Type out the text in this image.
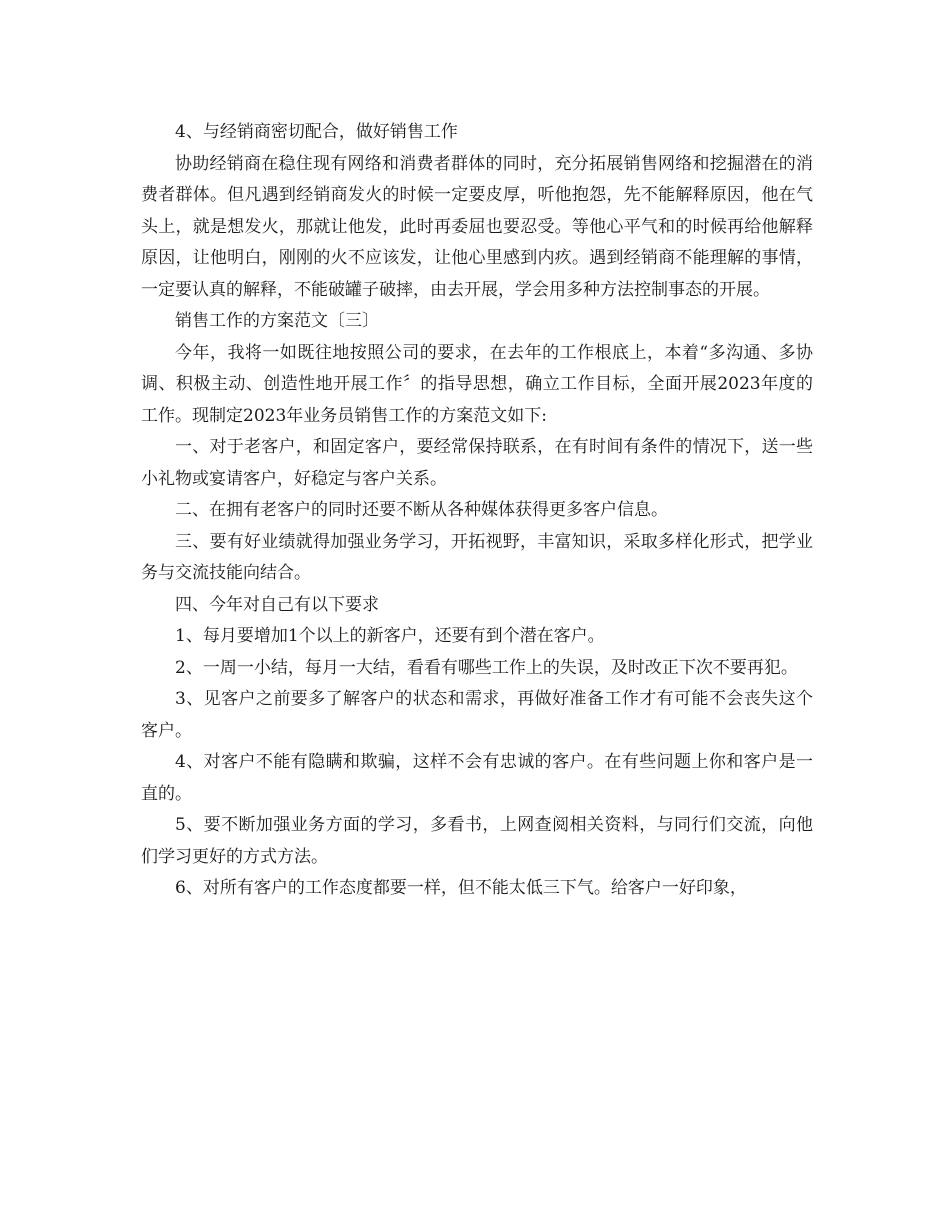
4、与经销商密切配合，做好销售工作

协助经销商在稳住现有网络和消费者群体的同时，充分拓展销售网络和挖掘潜在的消费者群体。但凡遇到经销商发火的时候一定要皮厚，听他抱怨，先不能解释原因，他在气头上，就是想发火，那就让他发，此时再委屈也要忍受。等他心平气和的时候再给他解释原因，让他明白，刚刚的火不应该发，让他心里感到内疚。遇到经销商不能理解的事情，一定要认真的解释，不能破罐子破摔，由去开展，学会用多种方法控制事态的开展。

销售工作的方案范文〔三〕

今年，我将一如既往地按照公司的要求，在去年的工作根底上，本着“多沟通、多协调、积极主动、创造性地开展工作〞的指导思想，确立工作目标，全面开展2023年度的工作。现制定2023年业务员销售工作的方案范文如下:

一、对于老客户，和固定客户，要经常保持联系，在有时间有条件的情况下，送一些小礼物或宴请客户，好稳定与客户关系。

二、在拥有老客户的同时还要不断从各种媒体获得更多客户信息。

三、要有好业绩就得加强业务学习，开拓视野，丰富知识，采取多样化形式，把学业务与交流技能向结合。

四、今年对自己有以下要求

1、每月要增加1个以上的新客户，还要有到个潜在客户。

2、一周一小结，每月一大结，看看有哪些工作上的失误，及时改正下次不要再犯。

3、见客户之前要多了解客户的状态和需求，再做好准备工作才有可能不会丧失这个客户。

4、对客户不能有隐瞒和欺骗，这样不会有忠诚的客户。在有些问题上你和客户是一直的。

5、要不断加强业务方面的学习，多看书，上网查阅相关资料，与同行们交流，向他们学习更好的方式方法。

6、对所有客户的工作态度都要一样，但不能太低三下气。给客户一好印象，
